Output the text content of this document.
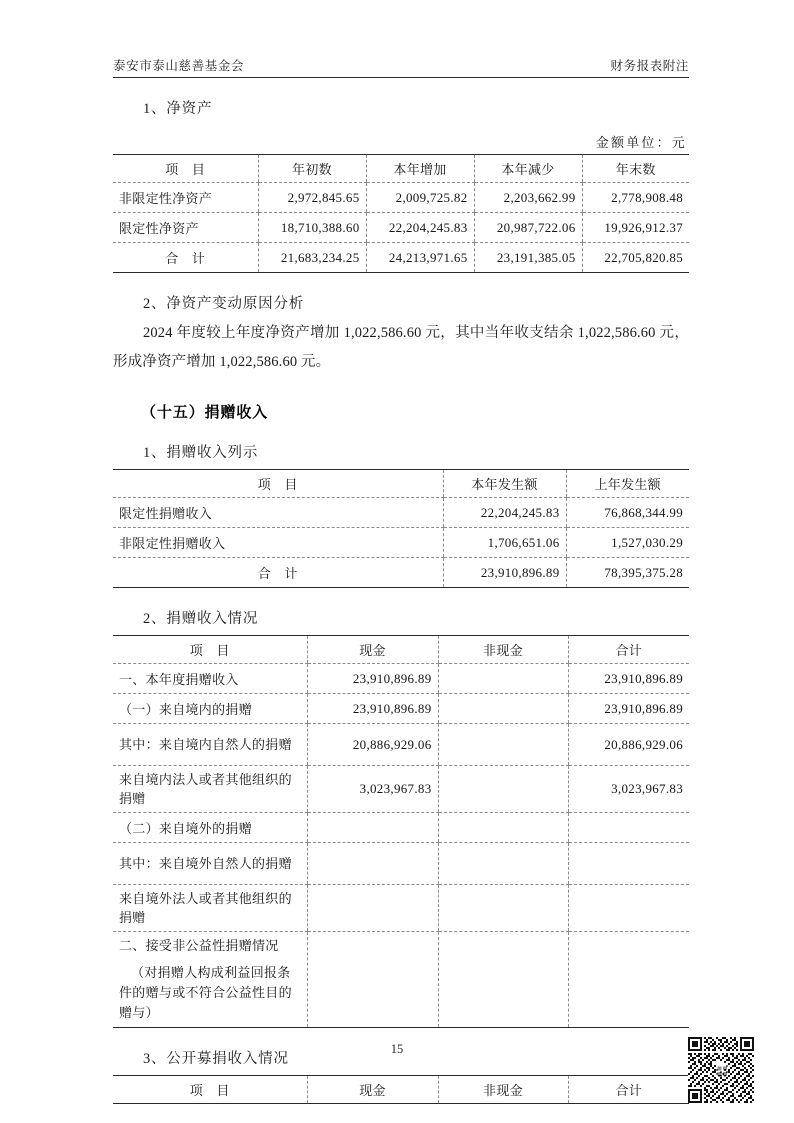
泰安市泰山慈善基金会	财务报表附注
1、净资产
金额单位：元
项　目	年初数	本年增加	本年减少	年末数
非限定性净资产	2,972,845.65	2,009,725.82	2,203,662.99	2,778,908.48
限定性净资产	18,710,388.60	22,204,245.83	20,987,722.06	19,926,912.37
合　计	21,683,234.25	24,213,971.65	23,191,385.05	22,705,820.85
2、净资产变动原因分析

2024 年度较上年度净资产增加 1,022,586.60 元，其中当年收支结余 1,022,586.60 元，形成净资产增加 1,022,586.60 元。

（十五）捐赠收入
1、捐赠收入列示
项　目	本年发生额	上年发生额
限定性捐赠收入	22,204,245.83	76,868,344.99
非限定性捐赠收入	1,706,651.06	1,527,030.29
合　计	23,910,896.89	78,395,375.28
2、捐赠收入情况
项　目	现金	非现金	合计
一、本年度捐赠收入	23,910,896.89		23,910,896.89
（一）来自境内的捐赠	23,910,896.89		23,910,896.89
其中：来自境内自然人的捐赠	20,886,929.06		20,886,929.06
来自境内法人或者其他组织的捐赠	3,023,967.83		3,023,967.83
（二）来自境外的捐赠			
其中：来自境外自然人的捐赠			
来自境外法人或者其他组织的捐赠			

二、接受非公益性捐赠情况
（对捐赠人构成利益回报条件的赠与或不符合公益性目的赠与）			

3、公开募捐收入情况
项　目	现金	非现金	合计
15
